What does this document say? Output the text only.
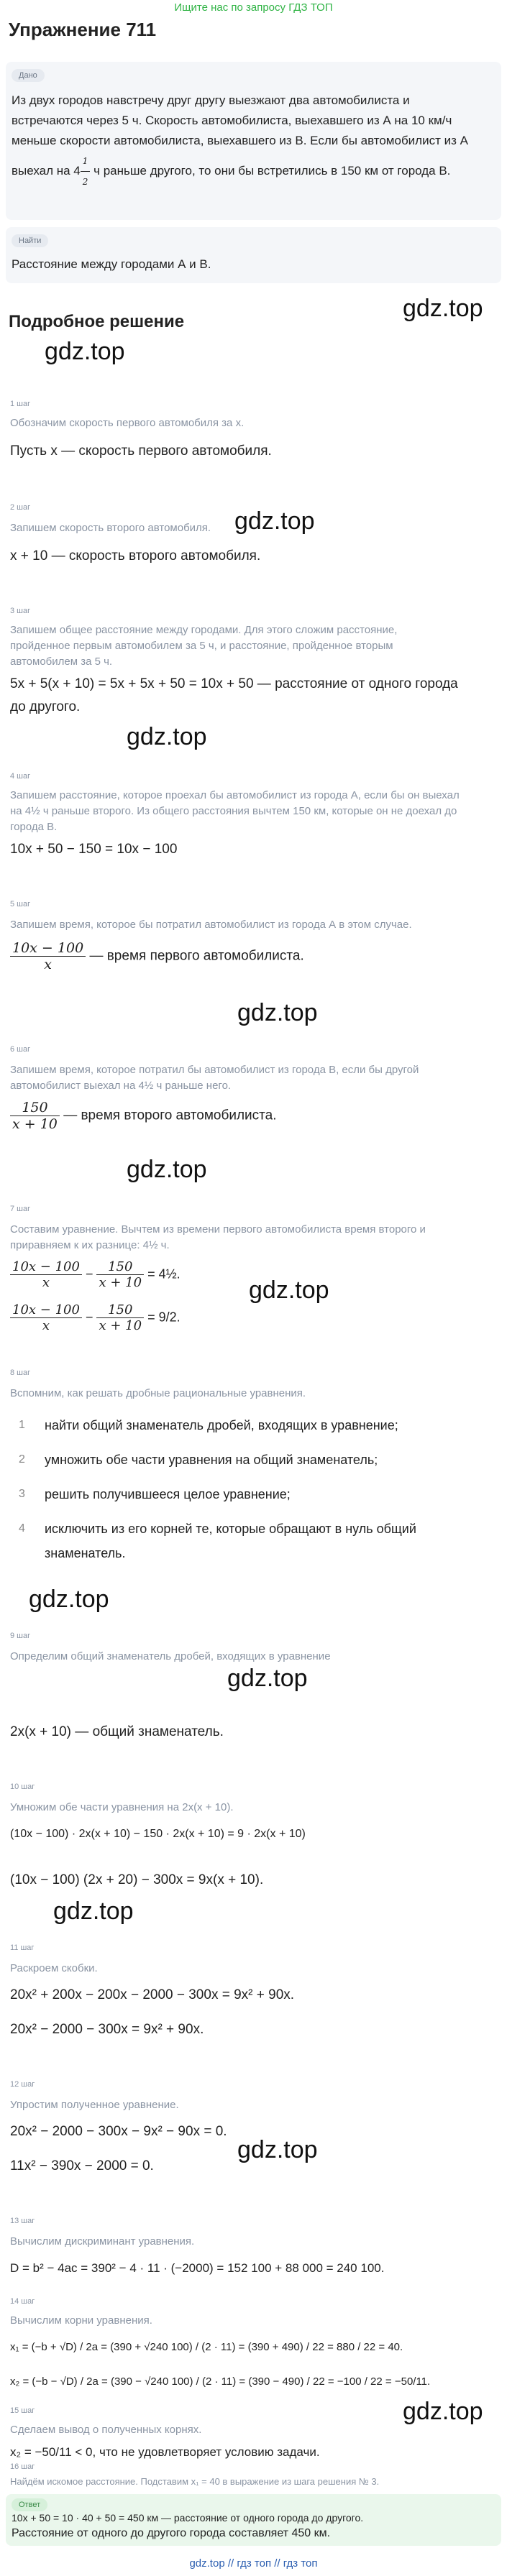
Ищите нас по запросу ГДЗ ТОП
Упражнение 711
Дано
Из двух городов навстречу друг другу выезжают два автомобилиста и
встречаются через 5 ч. Скорость автомобилиста, выехавшего из А на 10 км/ч
меньше скорости автомобилиста, выехавшего из В. Если бы автомобилист из А
выехал на $4 \frac{1}{2}$ ч раньше другого, то они бы встретились в 150 км от города В.
Найти
Расстояние между городами А и В.
gdz.top
Подробное решение
gdz.top
1 шаг
Обозначим скорость первого автомобиля за x.
Пусть x — скорость первого автомобиля.
2 шаг
Запишем скорость второго автомобиля. gdz.top
x + 10 — скорость второго автомобиля.
3 шаг
Запишем общее расстояние между городами. Для этого сложим расстояние,
пройденное первым автомобилем за 5 ч, и расстояние, пройденное вторым
автомобилем за 5 ч.
5x + 5(x + 10) = 5x + 5x + 50 = 10x + 50 — расстояние от одного города
до другого.
gdz.top
4 шаг
Запишем расстояние, которое проехал бы автомобилист из города А, если бы он выехал
на 4½ ч раньше второго. Из общего расстояния вычтем 150 км, которые он не доехал до
города В.
10x + 50 − 150 = 10x − 100
5 шаг
Запишем время, которое бы потратил автомобилист из города А в этом случае.
$\frac{10x - 100}{x}$ — время первого автомобилиста.
gdz.top
6 шаг
Запишем время, которое потратил бы автомобилист из города В, если бы другой
автомобилист выехал на 4½ ч раньше него.
$\frac{150}{x + 10}$ — время второго автомобилиста.
gdz.top
7 шаг
Составим уравнение. Вычтем из времени первого автомобилиста время второго и
приравняем к их разнице: 4½ ч.
$\frac{10x - 100}{x} - \frac{150}{x + 10}$ = 4½.
$\frac{10x - 100}{x} - \frac{150}{x + 10} = 9/2$.
gdz.top
8 шаг
Вспомним, как решать дробные рациональные уравнения.
1 найти общий знаменатель дробей, входящих в уравнение;
2 умножить обе части уравнения на общий знаменатель;
3 решить получившееся целое уравнение;
4 исключить из его корней те, которые обращают в нуль общий
знаменатель.
gdz.top
9 шаг
Определим общий знаменатель дробей, входящих в уравнение
gdz.top
2x(x + 10) — общий знаменатель.
10 шаг
Умножим обе части уравнения на 2x(x + 10).
(10x − 100) · 2x(x + 10) − 150 · 2x(x + 10) = 9 · 2x(x + 10)
(10x − 100) (2x + 20) − 300x = 9x(x + 10).
gdz.top
11 шаг
Раскроем скобки.
20x² + 200x − 200x − 2000 − 300x = 9x² + 90x.
20x² − 2000 − 300x = 9x² + 90x.
12 шаг
Упростим полученное уравнение.
20x² − 2000 − 300x − 9x² − 90x = 0.
gdz.top
11x² − 390x − 2000 = 0.
13 шаг
Вычислим дискриминант уравнения.
D = b² − 4ac = 390² − 4 · 11 · (−2000) = 152 100 + 88 000 = 240 100.
14 шаг
Вычислим корни уравнения.
x₁ = (−b + √D) / 2a = (390 + √240 100) / (2 · 11) = (390 + 490) / 22 = 880 / 22 = 40.
x₂ = (−b − √D) / 2a = (390 − √240 100) / (2 · 11) = (390 − 490) / 22 = −100 / 22 = −50/11.
15 шаг	gdz.top
Сделаем вывод о полученных корнях.
x₂ = −50/11 < 0, что не удовлетворяет условию задачи.
16 шаг
Найдём искомое расстояние. Подставим x₁ = 40 в выражение из шага решения № 3.
Ответ
10x + 50 = 10 · 40 + 50 = 450 км — расстояние от одного города до другого.
Расстояние от одного до другого города составляет 450 км.
gdz.top // гдз топ // гдз топ
